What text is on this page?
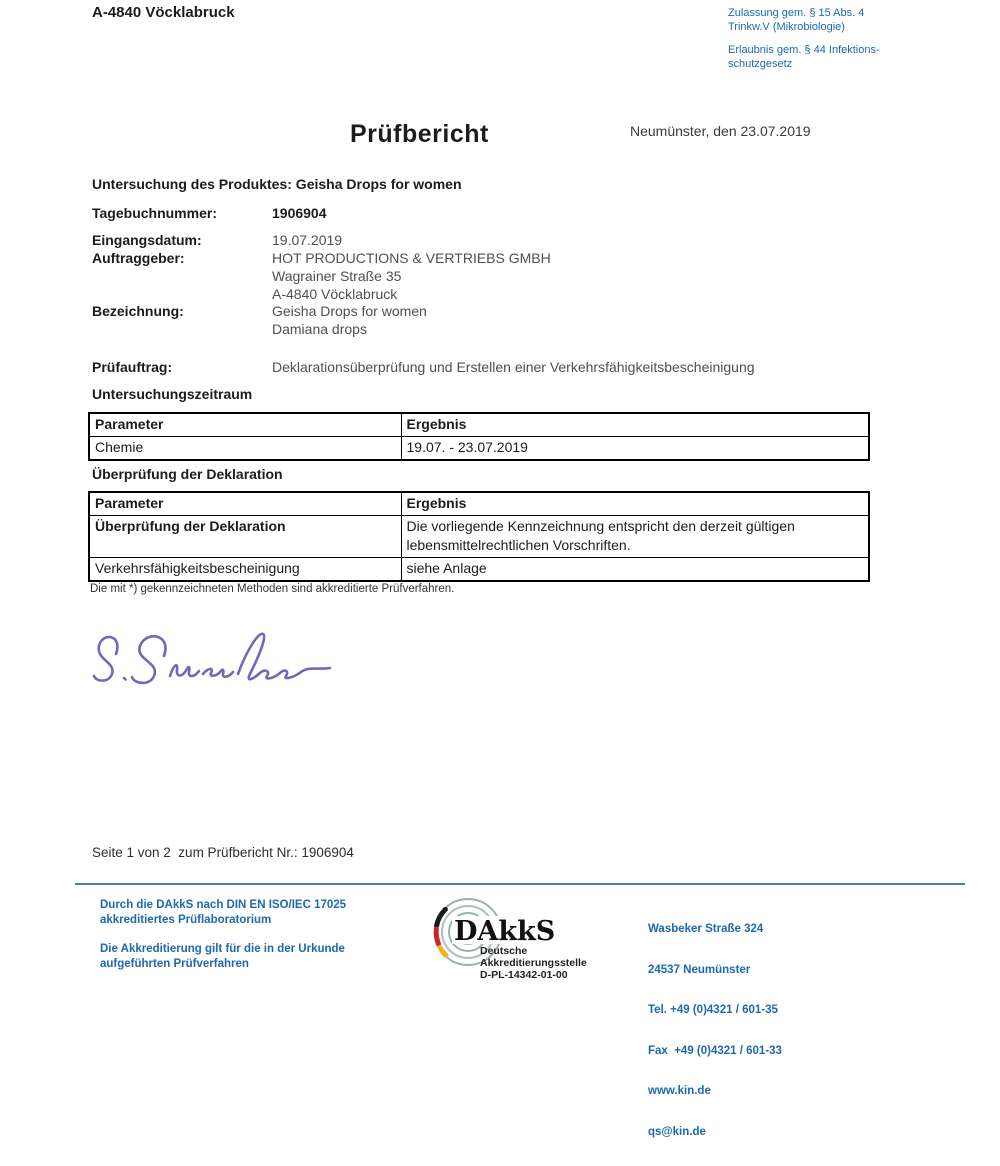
A-4840 Vöcklabruck	Zulassung gem. § 15 Abs. 4
Trinkw.V (Mikrobiologie)
Erlaubnis gem. § 44 Infektions-
schutzgesetz
Prüfbericht	Neumünster, den 23.07.2019
Untersuchung des Produktes: Geisha Drops for women
Tagebuchnummer:	1906904
Eingangsdatum:	19.07.2019
Auftraggeber:	HOT PRODUCTIONS & VERTRIEBS GMBH
Wagrainer Straße 35
A-4840 Vöcklabruck
Bezeichnung:	Geisha Drops for women
Damiana drops
Prüfauftrag:	Deklarationsüberprüfung und Erstellen einer Verkehrsfähigkeitsbescheinigung
Untersuchungszeitraum
Parameter	Ergebnis
Chemie	19.07. - 23.07.2019
Überprüfung der Deklaration
Parameter	Ergebnis
Überprüfung der Deklaration	Die vorliegende Kennzeichnung entspricht den derzeit gültigen lebensmittelrechtlichen Vorschriften.
Verkehrsfähigkeitsbescheinigung	siehe Anlage
Die mit *) gekennzeichneten Methoden sind akkreditierte Prüfverfahren.
Seite 1 von 2  zum Prüfbericht Nr.: 1906904
Durch die DAkkS nach DIN EN ISO/IEC 17025
akkreditiertes Prüflaboratorium
Die Akkreditierung gilt für die in der Urkunde
aufgeführten Prüfverfahren
DAkkS
Deutsche
Akkreditierungsstelle
D-PL-14342-01-00

Wasbeker Straße 324

24537 Neumünster

Tel. +49 (0)4321 / 601-35

Fax  +49 (0)4321 / 601-33

www.kin.de

qs@kin.de
